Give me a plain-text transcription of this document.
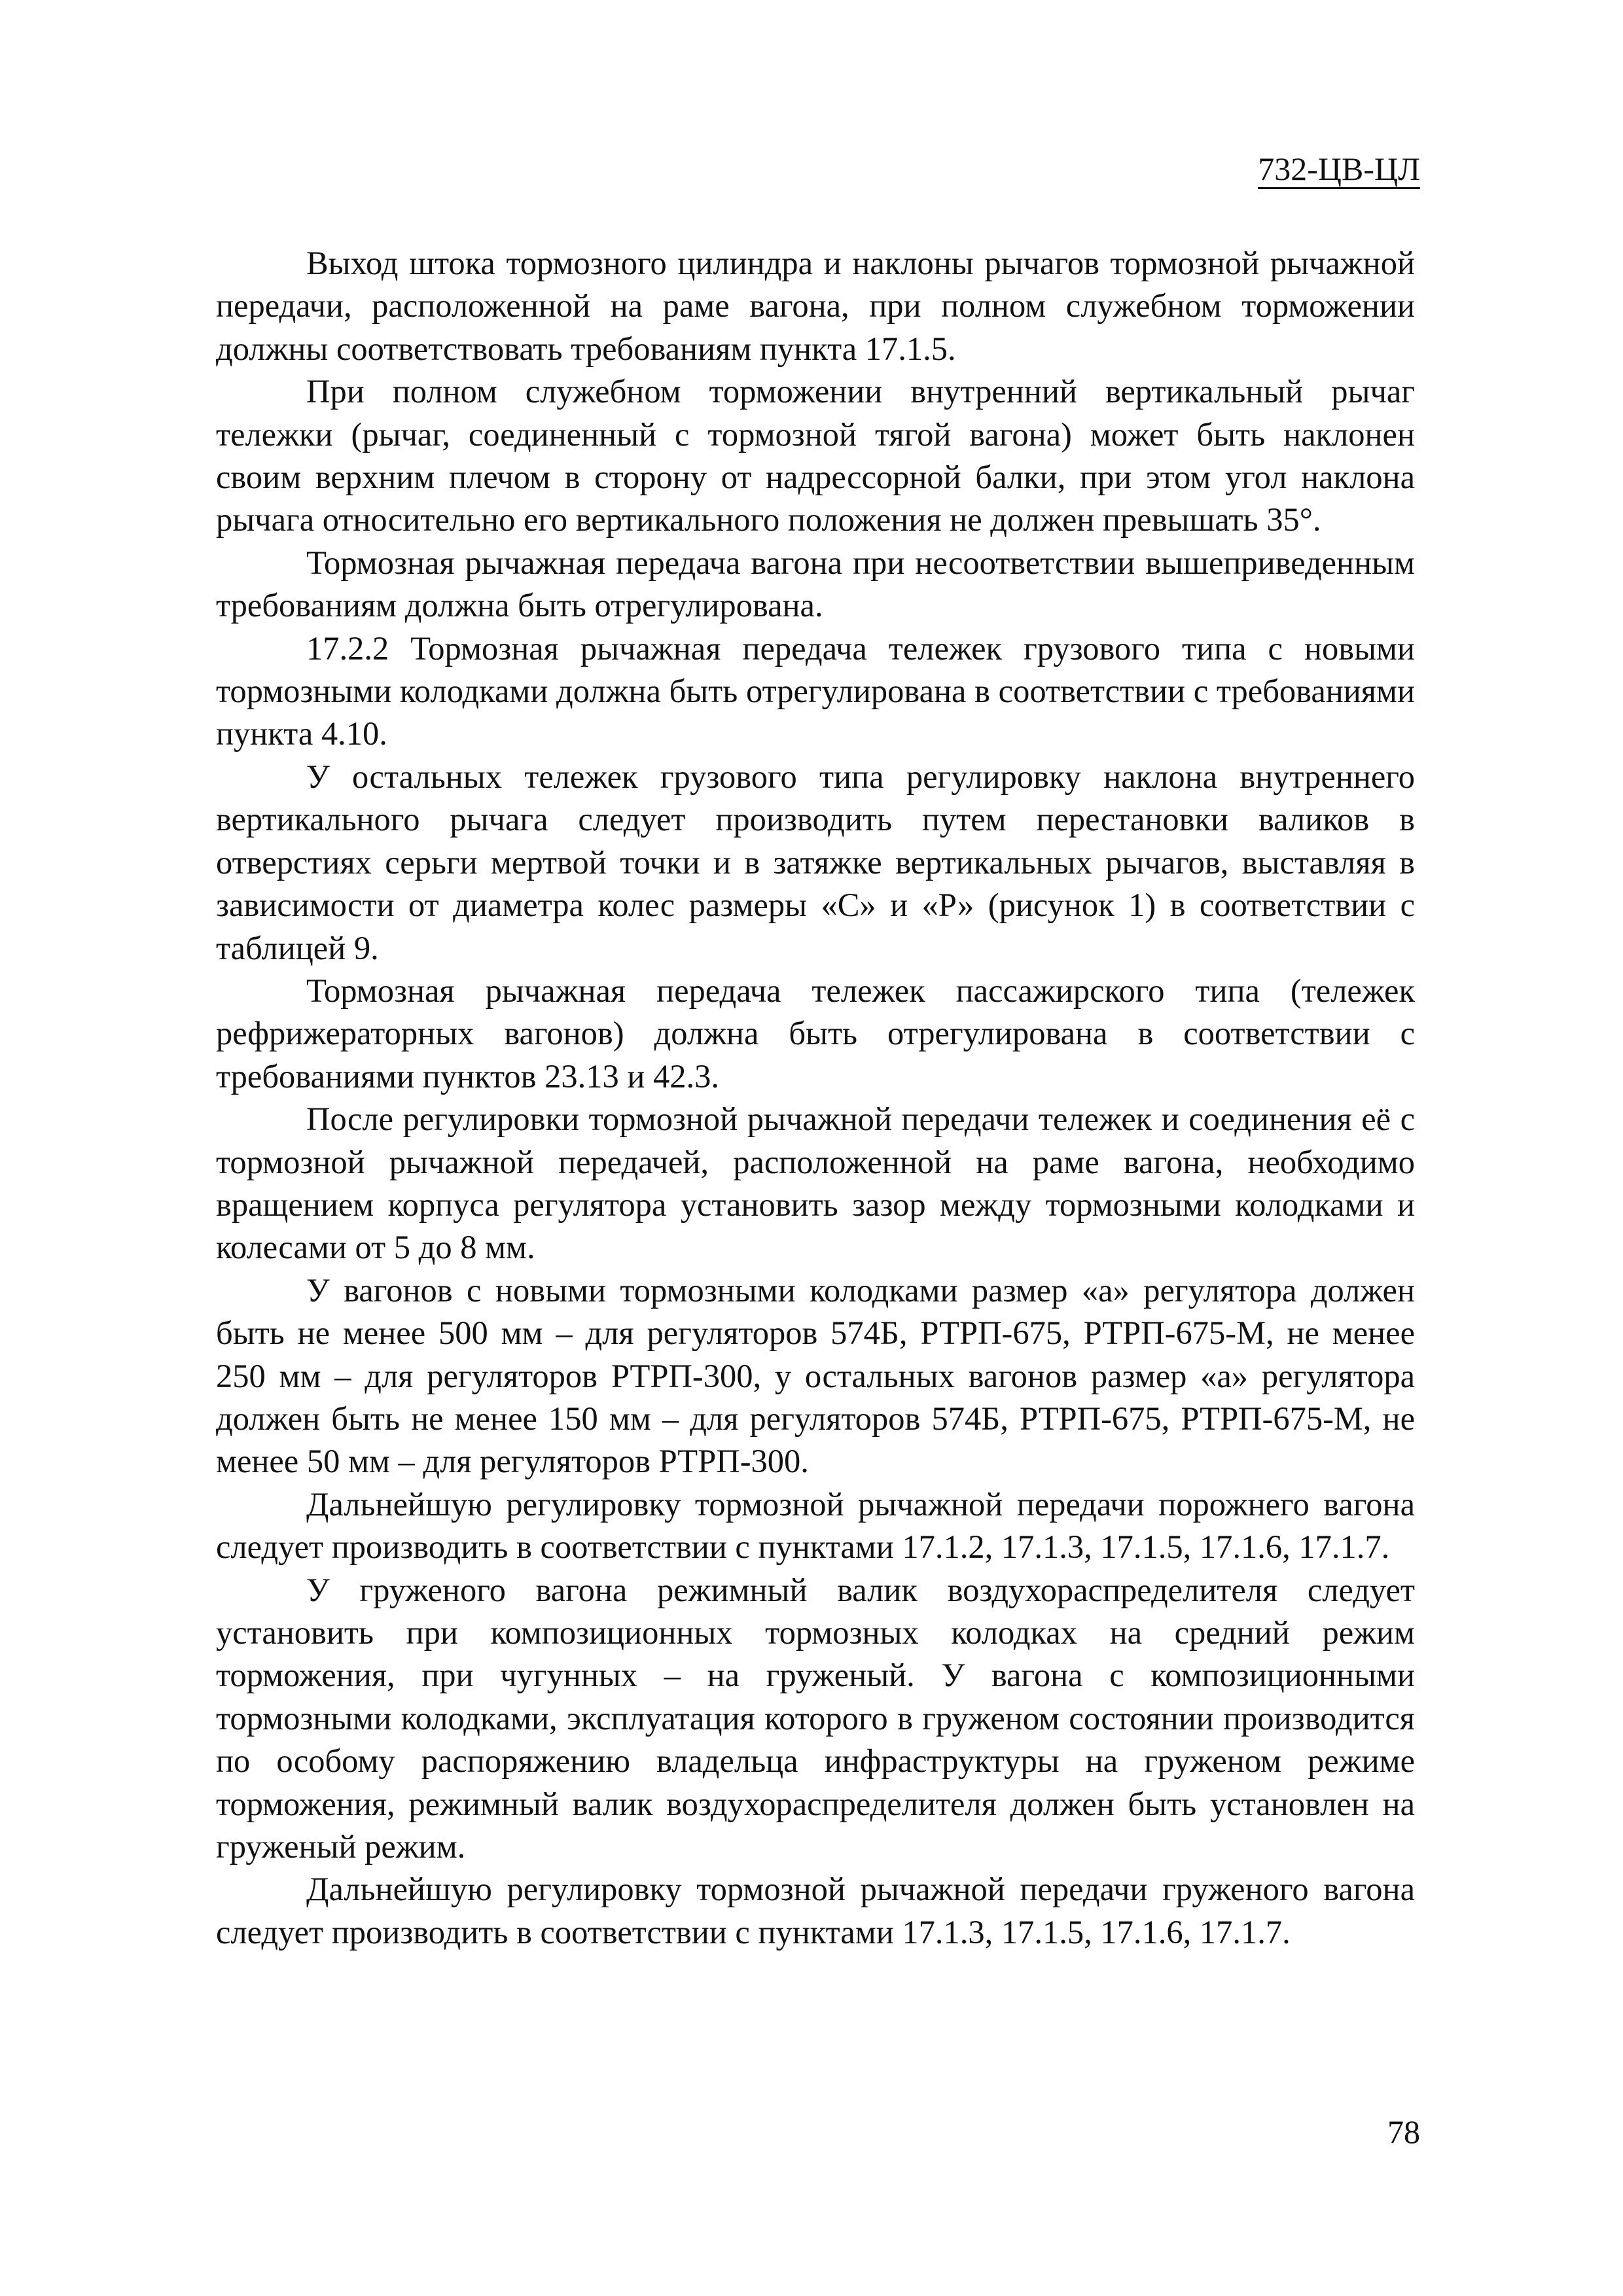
732-ЦВ-ЦЛ

Выход штока тормозного цилиндра и наклоны рычагов тормозной рычажной передачи, расположенной на раме вагона, при полном служебном торможении должны соответствовать требованиям пункта 17.1.5.

При полном служебном торможении внутренний вертикальный рычаг тележки (рычаг, соединенный с тормозной тягой вагона) может быть наклонен своим верхним плечом в сторону от надрессорной балки, при этом угол наклона рычага относительно его вертикального положения не должен превышать 35°.

Тормозная рычажная передача вагона при несоответствии вышеприведенным требованиям должна быть отрегулирована.

17.2.2 Тормозная рычажная передача тележек грузового типа с новыми тормозными колодками должна быть отрегулирована в соответствии с требованиями пункта 4.10.

У остальных тележек грузового типа регулировку наклона внутреннего вертикального рычага следует производить путем перестановки валиков в отверстиях серьги мертвой точки и в затяжке вертикальных рычагов, выставляя в зависимости от диаметра колес размеры «С» и «Р» (рисунок 1) в соответствии с таблицей 9.

Тормозная рычажная передача тележек пассажирского типа (тележек рефрижераторных вагонов) должна быть отрегулирована в соответствии с требованиями пунктов 23.13 и 42.3.

После регулировки тормозной рычажной передачи тележек и соединения её с тормозной рычажной передачей, расположенной на раме вагона, необходимо вращением корпуса регулятора установить зазор между тормозными колодками и колесами от 5 до 8 мм.

У вагонов с новыми тормозными колодками размер «а» регулятора должен быть не менее 500 мм – для регуляторов 574Б, РТРП-675, РТРП-675-М, не менее 250 мм – для регуляторов РТРП-300, у остальных вагонов размер «а» регулятора должен быть не менее 150 мм – для регуляторов 574Б, РТРП-675, РТРП-675-М, не менее 50 мм – для регуляторов РТРП-300.

Дальнейшую регулировку тормозной рычажной передачи порожнего вагона следует производить в соответствии с пунктами 17.1.2, 17.1.3, 17.1.5, 17.1.6, 17.1.7.

У груженого вагона режимный валик воздухораспределителя следует установить при композиционных тормозных колодках на средний режим торможения, при чугунных – на груженый. У вагона с композиционными тормозными колодками, эксплуатация которого в груженом состоянии производится по особому распоряжению владельца инфраструктуры на груженом режиме торможения, режимный валик воздухораспределителя должен быть установлен на груженый режим.

Дальнейшую регулировку тормозной рычажной передачи груженого вагона следует производить в соответствии с пунктами 17.1.3, 17.1.5, 17.1.6, 17.1.7.

78
